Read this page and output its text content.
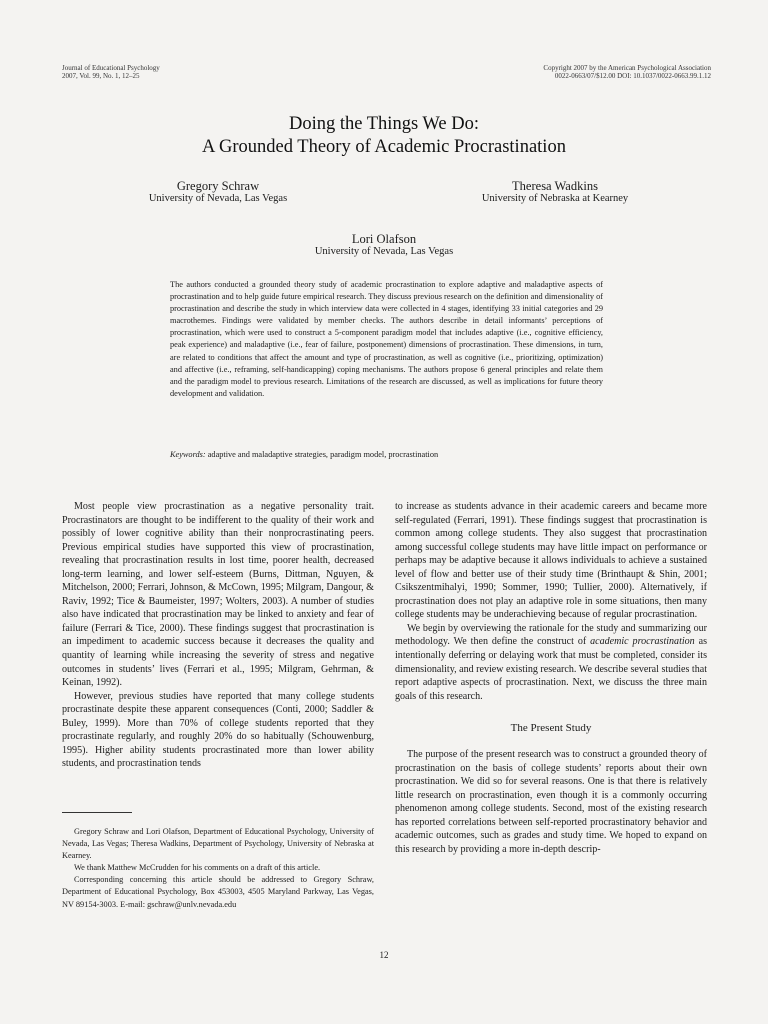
Journal of Educational Psychology
2007, Vol. 99, No. 1, 12–25
Copyright 2007 by the American Psychological Association
0022-0663/07/$12.00 DOI: 10.1037/0022-0663.99.1.12
Doing the Things We Do:
A Grounded Theory of Academic Procrastination
Gregory Schraw
University of Nevada, Las Vegas
Theresa Wadkins
University of Nebraska at Kearney
Lori Olafson
University of Nevada, Las Vegas

The authors conducted a grounded theory study of academic procrastination to explore adaptive and maladaptive aspects of procrastination and to help guide future empirical research. They discuss previous research on the definition and dimensionality of procrastination and describe the study in which interview data were collected in 4 stages, identifying 33 initial categories and 29 macrothemes. Findings were validated by member checks. The authors describe in detail informants’ perceptions of procrastination, which were used to construct a 5-component paradigm model that includes adaptive (i.e., cognitive efficiency, peak experience) and maladaptive (i.e., fear of failure, postponement) dimensions of procrastination. These dimensions, in turn, are related to conditions that affect the amount and type of procrastination, as well as cognitive (i.e., prioritizing, optimization) and affective (i.e., reframing, self-handicapping) coping mechanisms. The authors propose 6 general principles and relate them and the paradigm model to previous research. Limitations of the research are discussed, as well as implications for future theory development and validation.

Keywords: adaptive and maladaptive strategies, paradigm model, procrastination

Most people view procrastination as a negative personality trait. Procrastinators are thought to be indifferent to the quality of their work and possibly of lower cognitive ability than their nonprocrastinating peers. Previous empirical studies have supported this view of procrastination, revealing that procrastination results in lost time, poorer health, decreased long-term learning, and lower self-esteem (Burns, Dittman, Nguyen, & Mitchelson, 2000; Ferrari, Johnson, & McCown, 1995; Milgram, Dangour, & Raviv, 1992; Tice & Baumeister, 1997; Wolters, 2003). A number of studies also have indicated that procrastination may be linked to anxiety and fear of failure (Ferrari & Tice, 2000). These findings suggest that procrastination is an impediment to academic success because it decreases the quality and quantity of learning while increasing the severity of stress and negative outcomes in students’ lives (Ferrari et al., 1995; Milgram, Gehrman, & Keinan, 1992).

However, previous studies have reported that many college students procrastinate despite these apparent consequences (Conti, 2000; Saddler & Buley, 1999). More than 70% of college students reported that they procrastinate regularly, and roughly 20% do so habitually (Schouwenburg, 1995). Higher ability students procrastinated more than lower ability students, and procrastination tends

to increase as students advance in their academic careers and became more self-regulated (Ferrari, 1991). These findings suggest that procrastination is common among college students. They also suggest that procrastination among successful college students may have little impact on performance or perhaps may be adaptive because it allows individuals to achieve a sustained level of flow and better use of their study time (Brinthaupt & Shin, 2001; Csikszentmihalyi, 1990; Sommer, 1990; Tullier, 2000). Alternatively, if procrastination does not play an adaptive role in some situations, then many college students may be underachieving because of regular procrastination.

We begin by overviewing the rationale for the study and summarizing our methodology. We then define the construct of academic procrastination as intentionally deferring or delaying work that must be completed, consider its dimensionality, and review existing research. We describe several studies that report adaptive aspects of procrastination. Next, we discuss the three main goals of this research.

The Present Study

The purpose of the present research was to construct a grounded theory of procrastination on the basis of college students’ reports about their own procrastination. We did so for several reasons. One is that there is relatively little research on procrastination, even though it is a commonly occurring phenomenon among college students. Second, most of the existing research has reported correlations between self-reported procrastinatory behavior and academic outcomes, such as grades and study time. We hoped to expand on this research by providing a more in-depth descrip-

Gregory Schraw and Lori Olafson, Department of Educational Psychology, University of Nevada, Las Vegas; Theresa Wadkins, Department of Psychology, University of Nebraska at Kearney.

We thank Matthew McCrudden for his comments on a draft of this article.

Corresponding concerning this article should be addressed to Gregory Schraw, Department of Educational Psychology, Box 453003, 4505 Maryland Parkway, Las Vegas, NV 89154-3003. E-mail: gschraw@unlv.nevada.edu

12
